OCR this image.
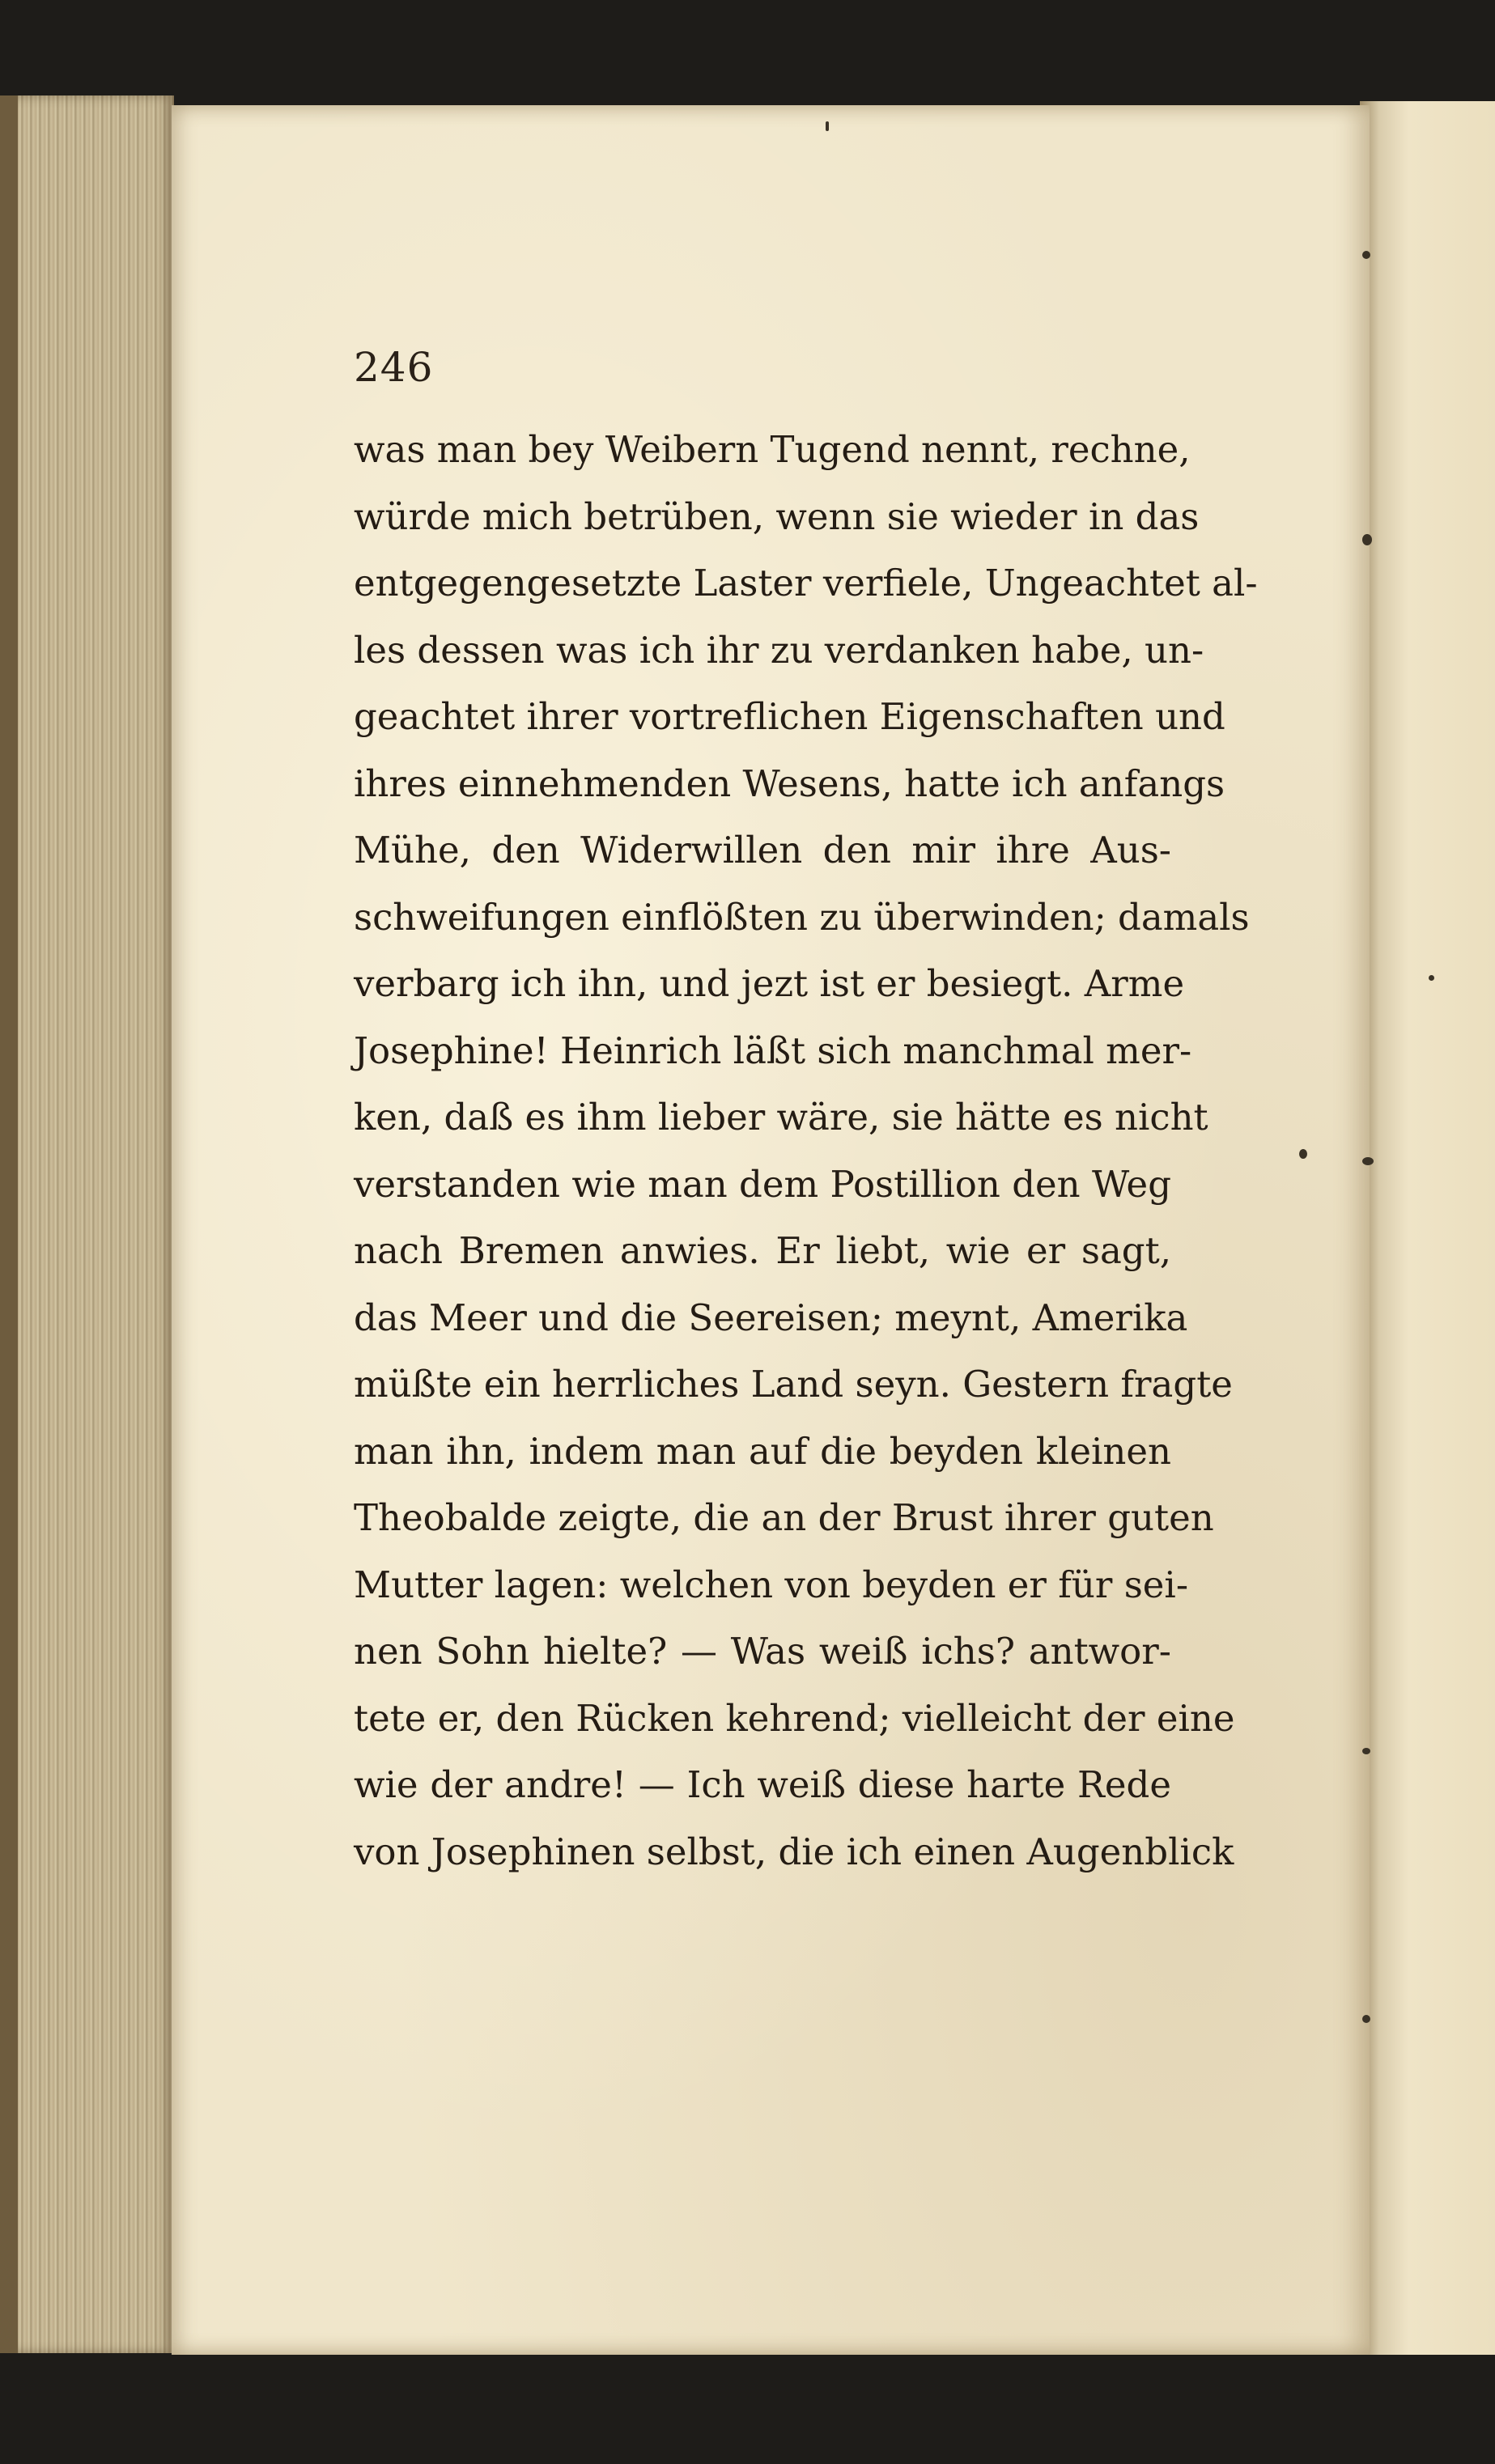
246
was man bey Weibern Tugend nennt, rechne,
würde mich betrüben, wenn sie wieder in das
entgegengesetzte Laster verfiele, Ungeachtet al-
les dessen was ich ihr zu verdanken habe, un-
geachtet ihrer vortreflichen Eigenschaften und
ihres einnehmenden Wesens, hatte ich anfangs
Mühe, den Widerwillen den mir ihre Aus-
schweifungen einflößten zu überwinden; damals
verbarg ich ihn, und jezt ist er besiegt. Arme
Josephine! Heinrich läßt sich manchmal mer-
ken, daß es ihm lieber wäre, sie hätte es nicht
verstanden wie man dem Postillion den Weg
nach Bremen anwies. Er liebt, wie er sagt,
das Meer und die Seereisen; meynt, Amerika
müßte ein herrliches Land seyn. Gestern fragte
man ihn, indem man auf die beyden kleinen
Theobalde zeigte, die an der Brust ihrer guten
Mutter lagen: welchen von beyden er für sei-
nen Sohn hielte? — Was weiß ichs? antwor-
tete er, den Rücken kehrend; vielleicht der eine
wie der andre! — Ich weiß diese harte Rede
von Josephinen selbst, die ich einen Augenblick
